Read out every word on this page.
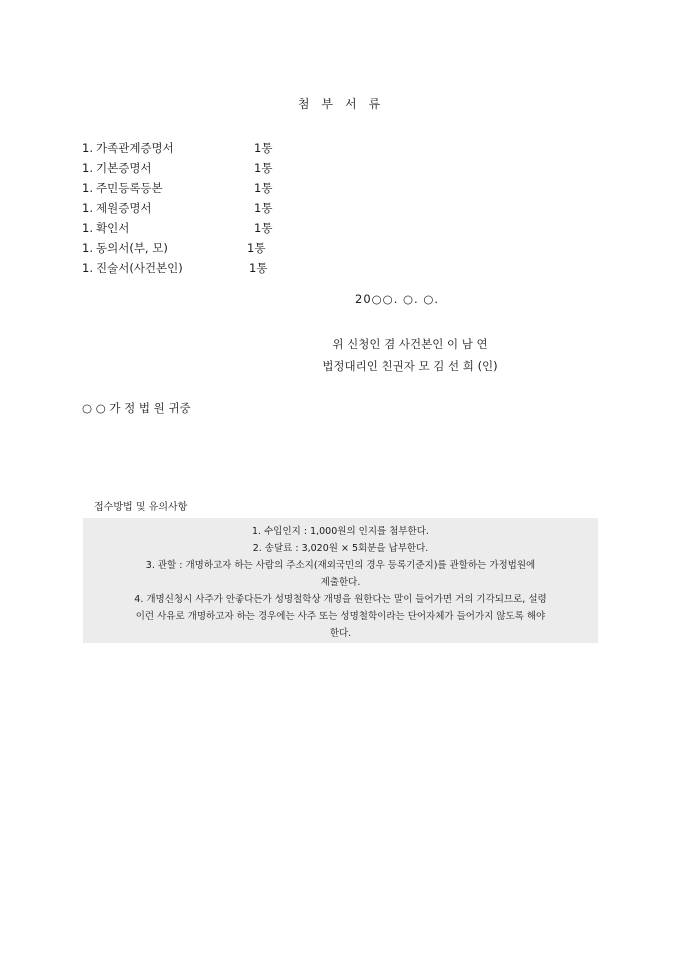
첨 부 서 류
1. 가족관계증명서	1통
1. 기본증명서	1통
1. 주민등록등본	1통
1. 제원증명서	1통
1. 확인서	1통
1. 동의서(부, 모)	1통
1. 진술서(사건본인)	1통
20○○. ○. ○.
위 신청인 겸 사건본인 이 남 연
법정대리인 친권자 모 김 선 희 (인)
○ ○ 가 정 법 원 귀중
접수방법 및 유의사항
1. 수입인지 : 1,000원의 인지를 첨부한다.
2. 송달료 : 3,020원 × 5회분을 납부한다.
3. 관할 : 개명하고자 하는 사람의 주소지(재외국민의 경우 등록기준지)를 관할하는 가정법원에
제출한다.
4. 개명신청시 사주가 안좋다든가 성명철학상 개명을 원한다는 말이 들어가면 거의 기각되므로, 설령
이런 사유로 개명하고자 하는 경우에는 사주 또는 성명철학이라는 단어자체가 들어가지 않도록 해야
한다.
